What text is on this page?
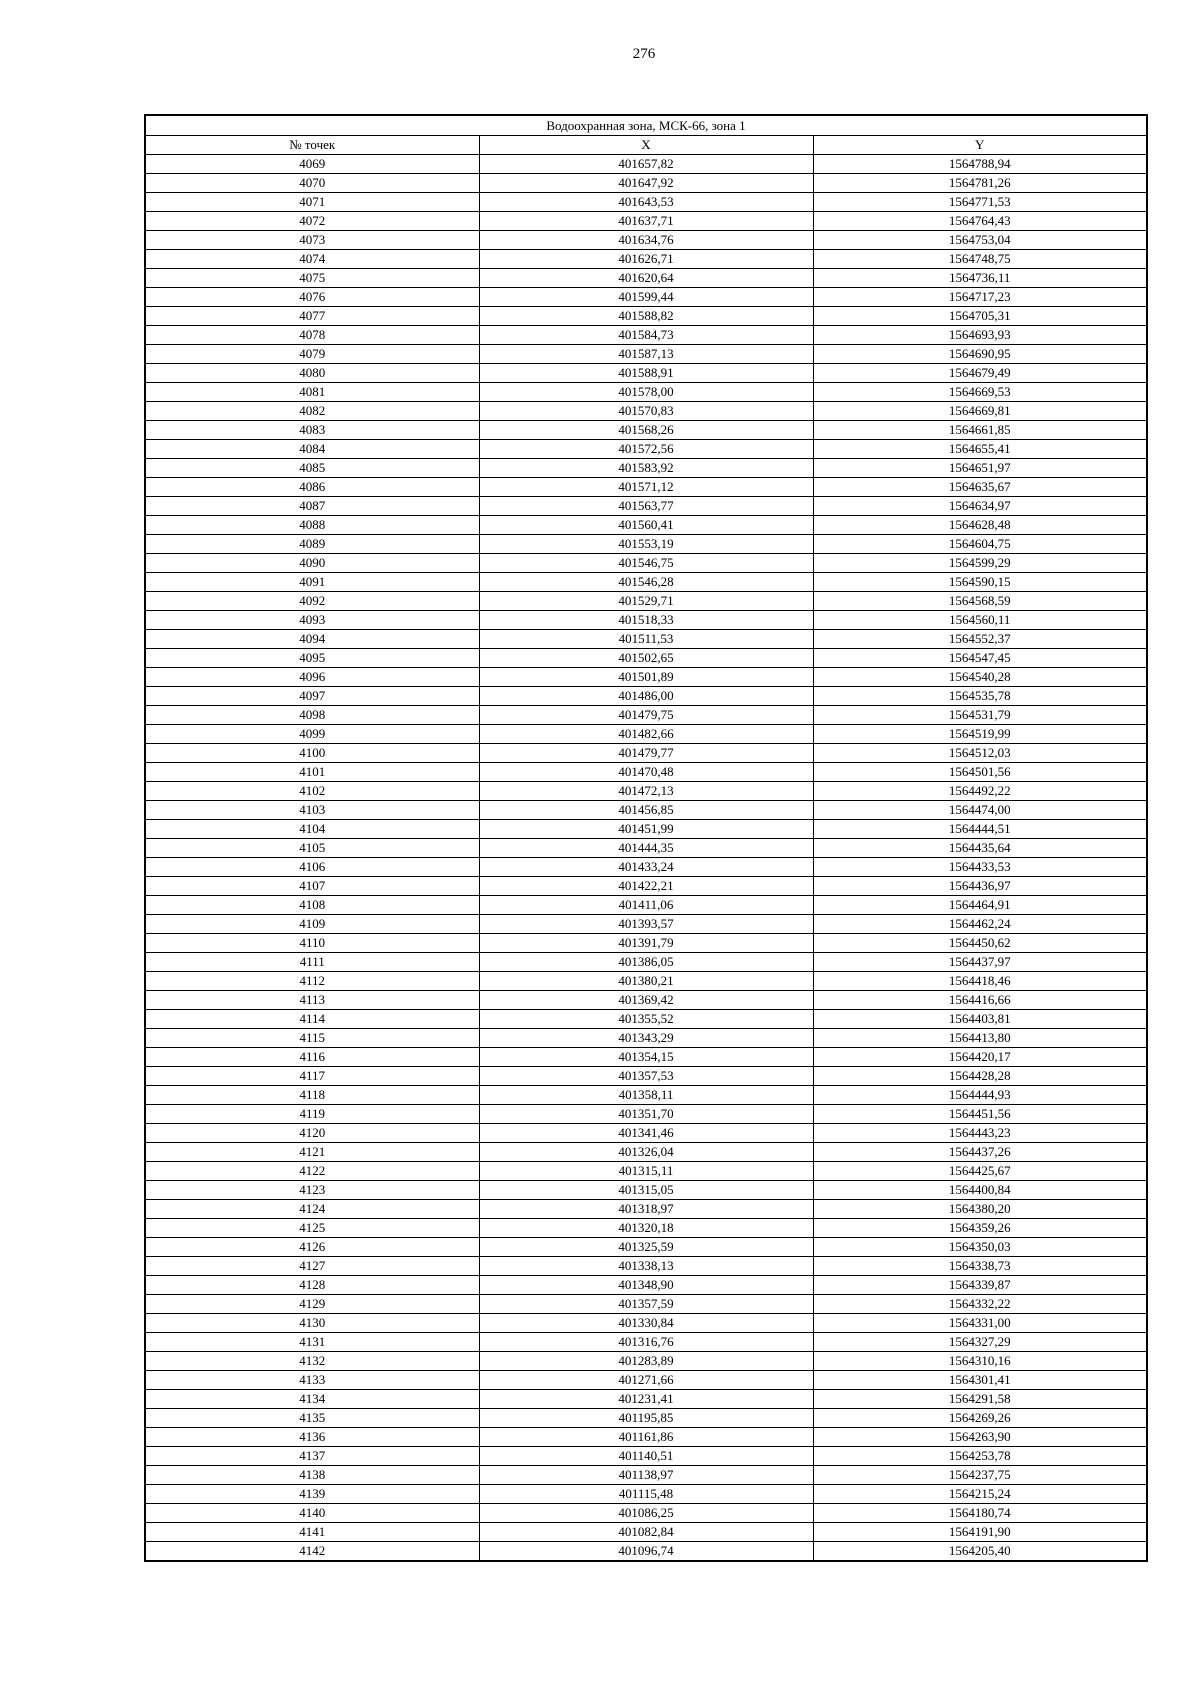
276
Водоохранная зона, МСК-66, зона 1		
№ точек	X	Y
4069	401657,82	1564788,94
4070	401647,92	1564781,26
4071	401643,53	1564771,53
4072	401637,71	1564764,43
4073	401634,76	1564753,04
4074	401626,71	1564748,75
4075	401620,64	1564736,11
4076	401599,44	1564717,23
4077	401588,82	1564705,31
4078	401584,73	1564693,93
4079	401587,13	1564690,95
4080	401588,91	1564679,49
4081	401578,00	1564669,53
4082	401570,83	1564669,81
4083	401568,26	1564661,85
4084	401572,56	1564655,41
4085	401583,92	1564651,97
4086	401571,12	1564635,67
4087	401563,77	1564634,97
4088	401560,41	1564628,48
4089	401553,19	1564604,75
4090	401546,75	1564599,29
4091	401546,28	1564590,15
4092	401529,71	1564568,59
4093	401518,33	1564560,11
4094	401511,53	1564552,37
4095	401502,65	1564547,45
4096	401501,89	1564540,28
4097	401486,00	1564535,78
4098	401479,75	1564531,79
4099	401482,66	1564519,99
4100	401479,77	1564512,03
4101	401470,48	1564501,56
4102	401472,13	1564492,22
4103	401456,85	1564474,00
4104	401451,99	1564444,51
4105	401444,35	1564435,64
4106	401433,24	1564433,53
4107	401422,21	1564436,97
4108	401411,06	1564464,91
4109	401393,57	1564462,24
4110	401391,79	1564450,62
4111	401386,05	1564437,97
4112	401380,21	1564418,46
4113	401369,42	1564416,66
4114	401355,52	1564403,81
4115	401343,29	1564413,80
4116	401354,15	1564420,17
4117	401357,53	1564428,28
4118	401358,11	1564444,93
4119	401351,70	1564451,56
4120	401341,46	1564443,23
4121	401326,04	1564437,26
4122	401315,11	1564425,67
4123	401315,05	1564400,84
4124	401318,97	1564380,20
4125	401320,18	1564359,26
4126	401325,59	1564350,03
4127	401338,13	1564338,73
4128	401348,90	1564339,87
4129	401357,59	1564332,22
4130	401330,84	1564331,00
4131	401316,76	1564327,29
4132	401283,89	1564310,16
4133	401271,66	1564301,41
4134	401231,41	1564291,58
4135	401195,85	1564269,26
4136	401161,86	1564263,90
4137	401140,51	1564253,78
4138	401138,97	1564237,75
4139	401115,48	1564215,24
4140	401086,25	1564180,74
4141	401082,84	1564191,90
4142	401096,74	1564205,40
